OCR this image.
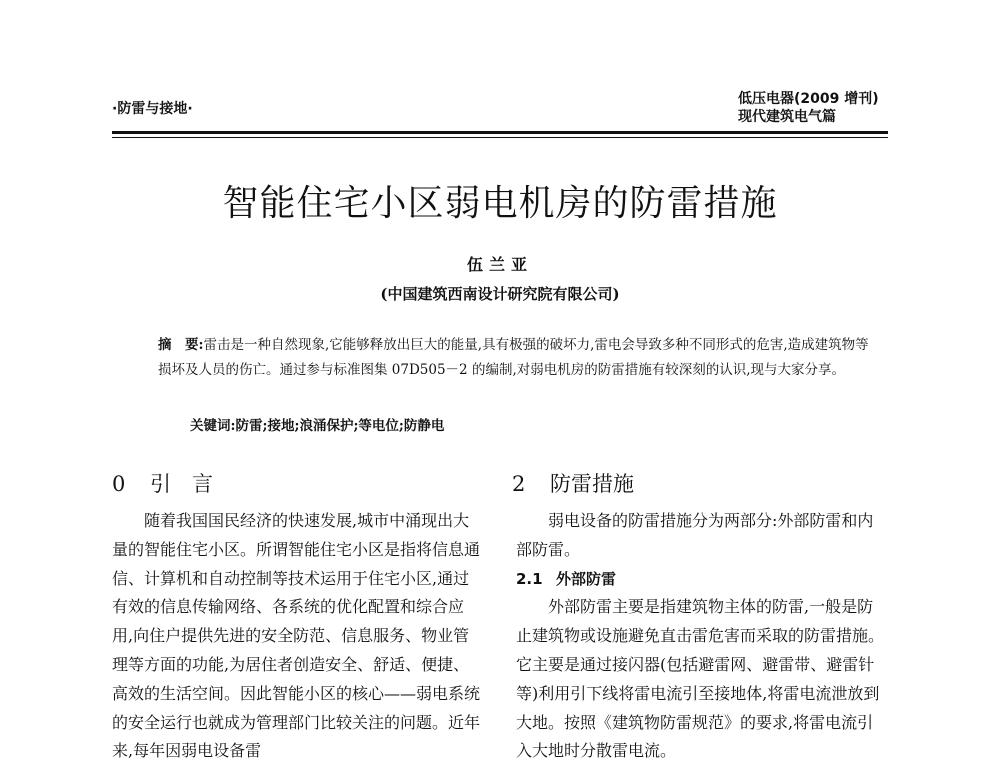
·防雷与接地·
低压电器(2009 增刊)
现代建筑电气篇
智能住宅小区弱电机房的防雷措施
伍兰亚
(中国建筑西南设计研究院有限公司)
摘　要:雷击是一种自然现象,它能够释放出巨大的能量,具有极强的破坏力,雷电会导致多种不同形式的危害,造成建筑物等损坏及人员的伤亡。通过参与标准图集 07D505－2 的编制,对弱电机房的防雷措施有较深刻的认识,现与大家分享。
关键词:防雷;接地;浪涌保护;等电位;防静电
0 引　言

随着我国国民经济的快速发展,城市中涌现出大量的智能住宅小区。所谓智能住宅小区是指将信息通信、计算机和自动控制等技术运用于住宅小区,通过有效的信息传输网络、各系统的优化配置和综合应用,向住户提供先进的安全防范、信息服务、物业管理等方面的功能,为居住者创造安全、舒适、便捷、高效的生活空间。因此智能小区的核心——弱电系统的安全运行也就成为管理部门比较关注的问题。近年来,每年因弱电设备雷

2 防雷措施

弱电设备的防雷措施分为两部分:外部防雷和内部防雷。

2.1 外部防雷

外部防雷主要是指建筑物主体的防雷,一般是防止建筑物或设施避免直击雷危害而采取的防雷措施。它主要是通过接闪器(包括避雷网、避雷带、避雷针等)利用引下线将雷电流引至接地体,将雷电流泄放到大地。按照《建筑物防雷规范》的要求,将雷电流引入大地时分散雷电流。
